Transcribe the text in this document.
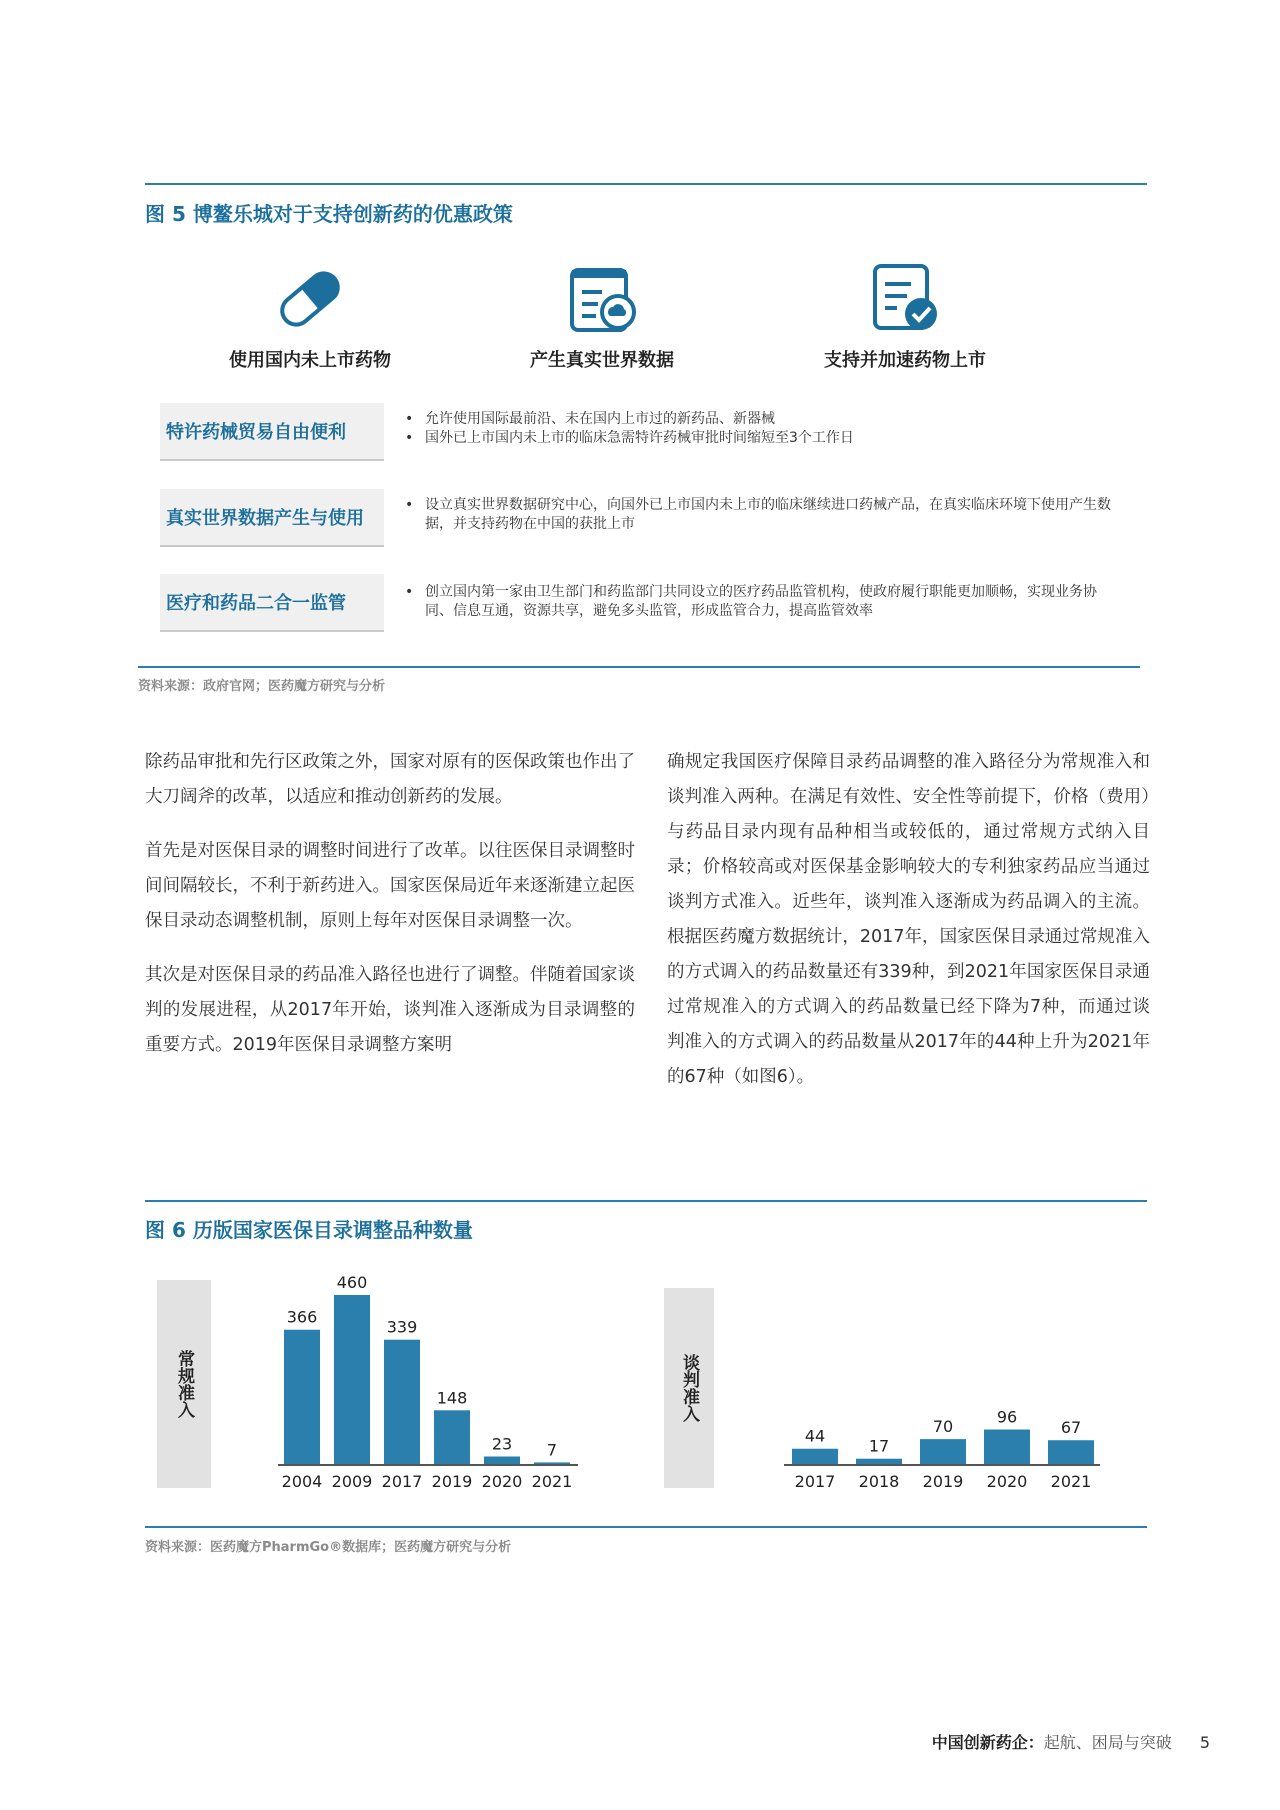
图 5 博鳌乐城对于支持创新药的优惠政策
使用国内未上市药物	产生真实世界数据	支持并加速药物上市
特许药械贸易自由便利
• 允许使用国际最前沿、未在国内上市过的新药品、新器械
• 国外已上市国内未上市的临床急需特许药械审批时间缩短至3个工作日
真实世界数据产生与使用
• 设立真实世界数据研究中心，向国外已上市国内未上市的临床继续进口药械产品，在真实临床环境下使用产生数据，并支持药物在中国的获批上市
医疗和药品二合一监管
• 创立国内第一家由卫生部门和药监部门共同设立的医疗药品监管机构，使政府履行职能更加顺畅，实现业务协同、信息互通，资源共享，避免多头监管，形成监管合力，提高监管效率
资料来源：政府官网；医药魔方研究与分析

除药品审批和先行区政策之外，国家对原有的医保政策也作出了大刀阔斧的改革，以适应和推动创新药的发展。

首先是对医保目录的调整时间进行了改革。以往医保目录调整时间间隔较长，不利于新药进入。国家医保局近年来逐渐建立起医保目录动态调整机制，原则上每年对医保目录调整一次。

其次是对医保目录的药品准入路径也进行了调整。伴随着国家谈判的发展进程，从2017年开始，谈判准入逐渐成为目录调整的重要方式。2019年医保目录调整方案明

确规定我国医疗保障目录药品调整的准入路径分为常规准入和谈判准入两种。在满足有效性、安全性等前提下，价格（费用）与药品目录内现有品种相当或较低的，通过常规方式纳入目录；价格较高或对医保基金影响较大的专利独家药品应当通过谈判方式准入。近些年，谈判准入逐渐成为药品调入的主流。根据医药魔方数据统计，2017年，国家医保目录通过常规准入的方式调入的药品数量还有339种，到2021年国家医保目录通过常规准入的方式调入的药品数量已经下降为7种，而通过谈判准入的方式调入的药品数量从2017年的44种上升为2021年的67种（如图6）。

图 6 历版国家医保目录调整品种数量
常规准入	谈判准入
366
2004
460
2009
339
2017
148
2019
23
2020
7
2021
44
2017
17
2018
70
2019
96
2020
67
2021
资料来源：医药魔方PharmGo®数据库；医药魔方研究与分析
中国创新药企：起航、困局与突破 5
